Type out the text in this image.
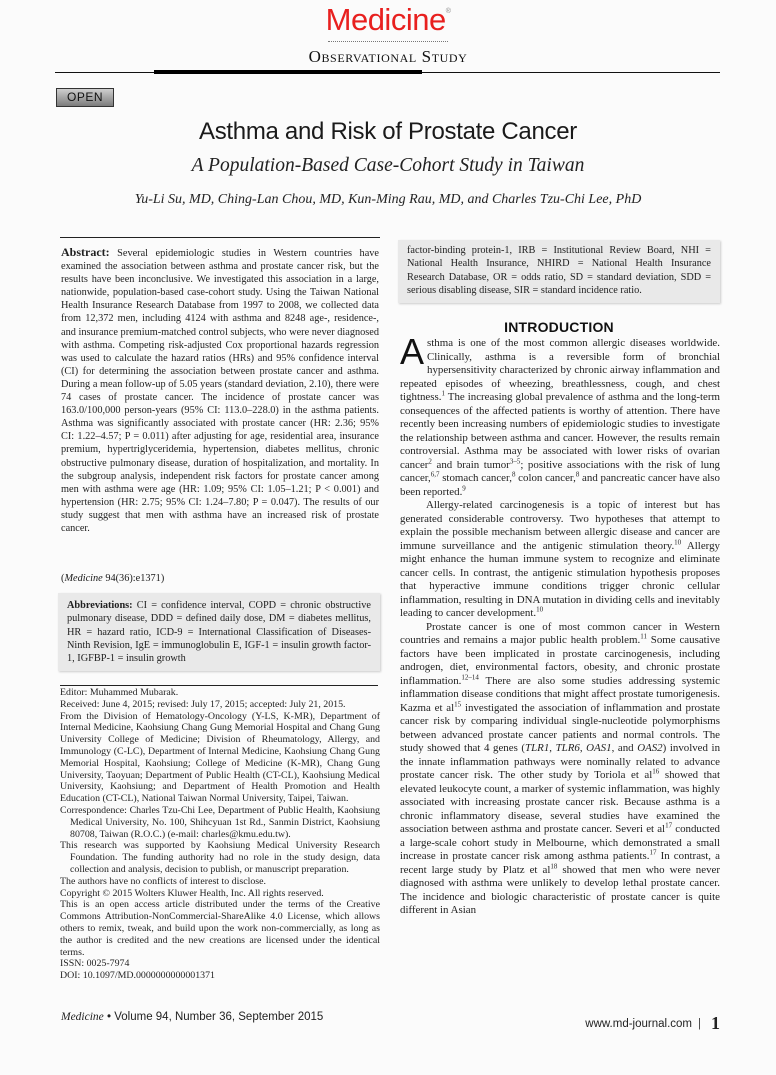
Medicine®
Observational Study
OPEN
Asthma and Risk of Prostate Cancer
A Population-Based Case-Cohort Study in Taiwan
Yu-Li Su, MD, Ching-Lan Chou, MD, Kun-Ming Rau, MD, and Charles Tzu-Chi Lee, PhD
Abstract: Several epidemiologic studies in Western countries have examined the association between asthma and prostate cancer risk, but the results have been inconclusive. We investigated this association in a large, nationwide, population-based case-cohort study. Using the Taiwan National Health Insurance Research Database from 1997 to 2008, we collected data from 12,372 men, including 4124 with asthma and 8248 age-, residence-, and insurance premium-matched control subjects, who were never diagnosed with asthma. Competing risk-adjusted Cox proportional hazards regression was used to calculate the hazard ratios (HRs) and 95% confidence interval (CI) for determining the association between prostate cancer and asthma. During a mean follow-up of 5.05 years (standard deviation, 2.10), there were 74 cases of prostate cancer. The incidence of prostate cancer was 163.0/100,000 person-years (95% CI: 113.0–228.0) in the asthma patients. Asthma was significantly associated with prostate cancer (HR: 2.36; 95% CI: 1.22–4.57; P = 0.011) after adjusting for age, residential area, insurance premium, hypertriglyceridemia, hypertension, diabetes mellitus, chronic obstructive pulmonary disease, duration of hospitalization, and mortality. In the subgroup analysis, independent risk factors for prostate cancer among men with asthma were age (HR: 1.09; 95% CI: 1.05–1.21; P < 0.001) and hypertension (HR: 2.75; 95% CI: 1.24–7.80; P = 0.047). The results of our study suggest that men with asthma have an increased risk of prostate cancer.
(Medicine 94(36):e1371)
Abbreviations: CI = confidence interval, COPD = chronic obstructive pulmonary disease, DDD = defined daily dose, DM = diabetes mellitus, HR = hazard ratio, ICD-9 = International Classification of Diseases-Ninth Revision, IgE = immunoglobulin E, IGF-1 = insulin growth factor-1, IGFBP-1 = insulin growth

Editor: Muhammed Mubarak.

Received: June 4, 2015; revised: July 17, 2015; accepted: July 21, 2015.

From the Division of Hematology-Oncology (Y-LS, K-MR), Department of Internal Medicine, Kaohsiung Chang Gung Memorial Hospital and Chang Gung University College of Medicine; Division of Rheumatology, Allergy, and Immunology (C-LC), Department of Internal Medicine, Kaohsiung Chang Gung Memorial Hospital, Kaohsiung; College of Medicine (K-MR), Chang Gung University, Taoyuan; Department of Public Health (CT-CL), Kaohsiung Medical University, Kaohsiung; and Department of Health Promotion and Health Education (CT-CL), National Taiwan Normal University, Taipei, Taiwan.

Correspondence: Charles Tzu-Chi Lee, Department of Public Health, Kaohsiung Medical University, No. 100, Shihcyuan 1st Rd., Sanmin District, Kaohsiung 80708, Taiwan (R.O.C.) (e-mail: charles@kmu.edu.tw).

This research was supported by Kaohsiung Medical University Research Foundation. The funding authority had no role in the study design, data collection and analysis, decision to publish, or manuscript preparation.

The authors have no conflicts of interest to disclose.

Copyright © 2015 Wolters Kluwer Health, Inc. All rights reserved.

This is an open access article distributed under the terms of the Creative Commons Attribution-NonCommercial-ShareAlike 4.0 License, which allows others to remix, tweak, and build upon the work non-commercially, as long as the author is credited and the new creations are licensed under the identical terms.

ISSN: 0025-7974

DOI: 10.1097/MD.0000000000001371

factor-binding protein-1, IRB = Institutional Review Board, NHI = National Health Insurance, NHIRD = National Health Insurance Research Database, OR = odds ratio, SD = standard deviation, SDD = serious disabling disease, SIR = standard incidence ratio.
INTRODUCTION

Asthma is one of the most common allergic diseases worldwide. Clinically, asthma is a reversible form of bronchial hypersensitivity characterized by chronic airway inflammation and repeated episodes of wheezing, breathlessness, cough, and chest tightness.$^1$ The increasing global prevalence of asthma and the long-term consequences of the affected patients is worthy of attention. There have recently been increasing numbers of epidemiologic studies to investigate the relationship between asthma and cancer. However, the results remain controversial. Asthma may be associated with lower risks of ovarian cancer$^2$ and brain tumor$^{3-5}$; positive associations with the risk of lung cancer,$^{6,7}$ stomach cancer,$^8$ colon cancer,$^8$ and pancreatic cancer have also been reported.$^9$

Allergy-related carcinogenesis is a topic of interest but has generated considerable controversy. Two hypotheses that attempt to explain the possible mechanism between allergic disease and cancer are immune surveillance and the antigenic stimulation theory.$^{10}$ Allergy might enhance the human immune system to recognize and eliminate cancer cells. In contrast, the antigenic stimulation hypothesis proposes that hyperactive immune conditions trigger chronic cellular inflammation, resulting in DNA mutation in dividing cells and inevitably leading to cancer development.$^{10}$

Prostate cancer is one of most common cancer in Western countries and remains a major public health problem.$^{11}$ Some causative factors have been implicated in prostate carcinogenesis, including androgen, diet, environmental factors, obesity, and chronic prostate inflammation.$^{12-14}$ There are also some studies addressing systemic inflammation disease conditions that might affect prostate tumorigenesis. Kazma et al$^{15}$ investigated the association of inflammation and prostate cancer risk by comparing individual single-nucleotide polymorphisms between advanced prostate cancer patients and normal controls. The study showed that 4 genes (TLR1, TLR6, OAS1, and OAS2) involved in the innate inflammation pathways were nominally related to advance prostate cancer risk. The other study by Toriola et al$^{16}$ showed that elevated leukocyte count, a marker of systemic inflammation, was highly associated with increasing prostate cancer risk. Because asthma is a chronic inflammatory disease, several studies have examined the association between asthma and prostate cancer. Severi et al$^{17}$ conducted a large-scale cohort study in Melbourne, which demonstrated a small increase in prostate cancer risk among asthma patients.$^{17}$ In contrast, a recent large study by Platz et al$^{18}$ showed that men who were never diagnosed with asthma were unlikely to develop lethal prostate cancer. The incidence and biologic characteristic of prostate cancer is quite different in Asian

Medicine • Volume 94, Number 36, September 2015
www.md-journal.com | 1
